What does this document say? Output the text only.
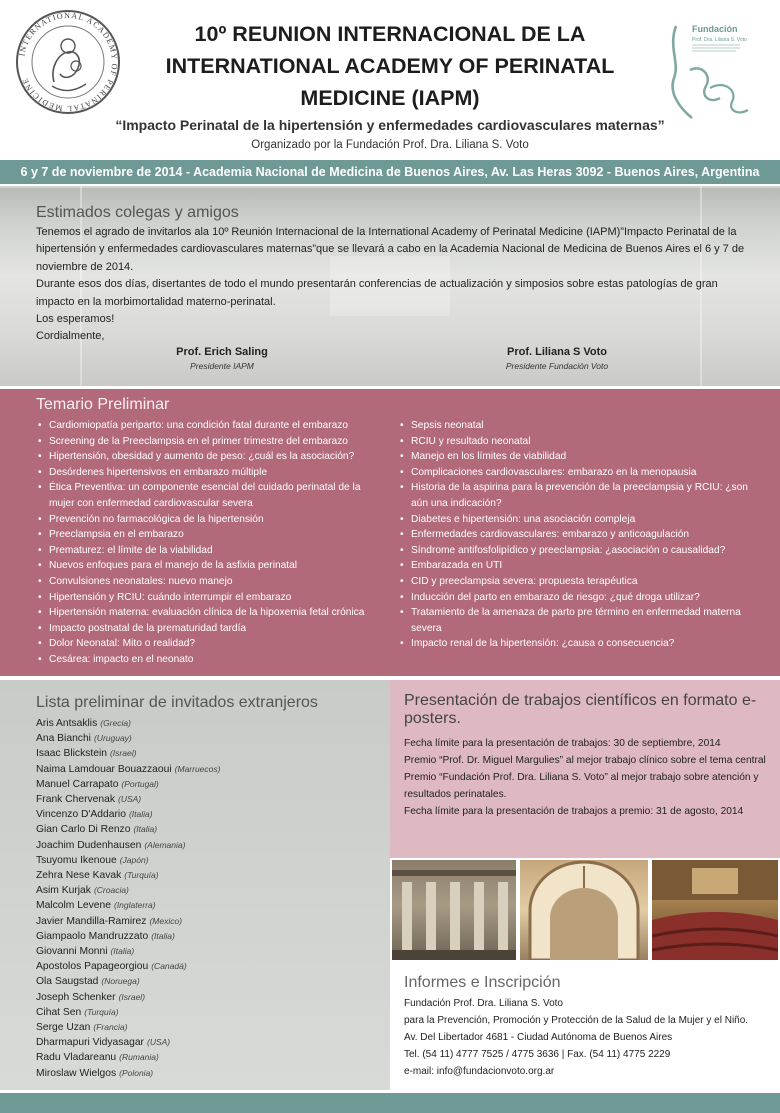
INTERNATIONAL ACADEMY OF PERINATAL MEDICINE
10º REUNION INTERNACIONAL DE LA
INTERNATIONAL ACADEMY OF PERINATAL
MEDICINE (IAPM)
“Impacto Perinatal de la hipertensión y enfermedades cardiovasculares maternas”
Organizado por la Fundación Prof. Dra. Liliana S. Voto
Fundación
Prof. Dra. Liliana S. Voto
6 y 7 de noviembre de 2014 - Academia Nacional de Medicina de Buenos Aires, Av. Las Heras 3092 - Buenos Aires, Argentina
Estimados colegas y amigos

Tenemos el agrado de invitarlos ala 10º Reunión Internacional de la International Academy of Perinatal Medicine (IAPM)”Impacto Perinatal de la hipertensión y enfermedades cardiovasculares maternas”que se llevará a cabo en la Academia Nacional de Medicina de Buenos Aires el 6 y 7 de noviembre de 2014.

Durante esos dos días, disertantes de todo el mundo presentarán conferencias de actualización y simposios sobre estas patologías de gran impacto en la morbimortalidad materno-perinatal.

Los esperamos!

Cordialmente,

Prof. Erich Saling
Presidente IAPM
Prof. Liliana S Voto
Presidente Fundación Voto
Temario Preliminar
• Cardiomiopatía periparto: una condición fatal durante el embarazo
• Screening de la Preeclampsia en el primer trimestre del embarazo
• Hipertensión, obesidad y aumento de peso: ¿cuál es la asociación?
• Desórdenes hipertensivos en embarazo múltiple
• Ética Preventiva: un componente esencial del cuidado perinatal de la mujer con enfermedad cardiovascular severa
• Prevención no farmacológica de la hipertensión
• Preeclampsia en el embarazo
• Prematurez: el límite de la viabilidad
• Nuevos enfoques para el manejo de la asfixia perinatal
• Convulsiones neonatales: nuevo manejo
• Hipertensión y RCIU: cuándo interrumpir el embarazo
• Hipertensión materna: evaluación clínica de la hipoxemia fetal crónica
• Impacto postnatal de la prematuridad tardía
• Dolor Neonatal: Mito o realidad?
• Cesárea: impacto en el neonato
• Sepsis neonatal
• RCIU y resultado neonatal
• Manejo en los límites de viabilidad
• Complicaciones cardiovasculares: embarazo en la menopausia
• Historia de la aspirina para la prevención de la preeclampsia y RCIU: ¿son aún una indicación?
• Diabetes e hipertensión: una asociación compleja
• Enfermedades cardiovasculares: embarazo y anticoagulación
• Síndrome antifosfolipídico y preeclampsia: ¿asociación o causalidad?
• Embarazada en UTI
• CID y preeclampsia severa: propuesta terapéutica
• Inducción del parto en embarazo de riesgo: ¿qué droga utilizar?
• Tratamiento de la amenaza de parto pre término en enfermedad materna severa
• Impacto renal de la hipertensión: ¿causa o consecuencia?
Lista preliminar de invitados extranjeros
Aris Antsaklis (Grecia)
Ana Bianchi (Uruguay)
Isaac Blickstein (Israel)
Naima Lamdouar Bouazzaoui (Marruecos)
Manuel Carrapato (Portugal)
Frank Chervenak (USA)
Vincenzo D'Addario (Italia)
Gian Carlo Di Renzo (Italia)
Joachim Dudenhausen (Alemania)
Tsuyomu Ikenoue (Japón)
Zehra Nese Kavak (Turquía)
Asim Kurjak (Croacia)
Malcolm Levene (Inglaterra)
Javier Mandilla-Ramirez (Mexico)
Giampaolo Mandruzzato (Italia)
Giovanni Monni (Italia)
Apostolos Papageorgiou (Canadá)
Ola Saugstad (Noruega)
Joseph Schenker (Israel)
Cihat Sen (Turquía)
Serge Uzan (Francia)
Dharmapuri Vidyasagar (USA)
Radu Vladareanu (Rumania)
Miroslaw Wielgos (Polonia)
Presentación de trabajos científicos en formato e-posters.
Fecha límite para la presentación de trabajos: 30 de septiembre, 2014
Premio “Prof. Dr. Miguel Margulies” al mejor trabajo clínico sobre el tema central
Premio “Fundación Prof. Dra. Liliana S. Voto” al mejor trabajo sobre atención y resultados perinatales.
Fecha límite para la presentación de trabajos a premio: 31 de agosto, 2014
Informes e Inscripción
Fundación Prof. Dra. Liliana S. Voto
para la Prevención, Promoción y Protección de la Salud de la Mujer y el Niño.
Av. Del Libertador 4681 - Ciudad Autónoma de Buenos Aires
Tel. (54 11) 4777 7525 / 4775 3636 | Fax. (54 11) 4775 2229
e-mail: info@fundacionvoto.org.ar
